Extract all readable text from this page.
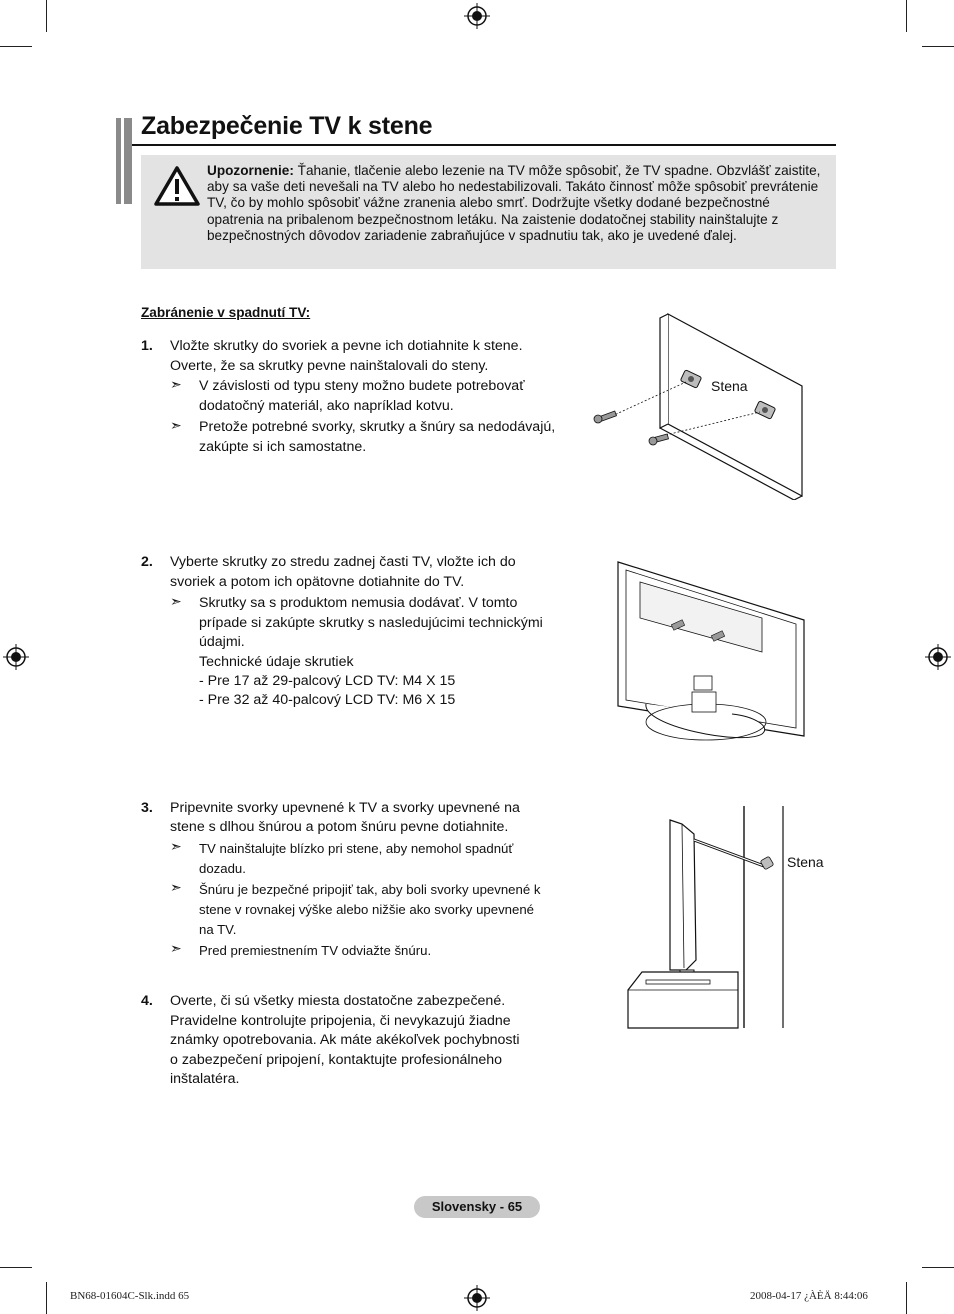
Zabezpečenie TV k stene
Upozornenie: Ťahanie, tlačenie alebo lezenie na TV môže spôsobiť, že TV spadne. Obzvlášť zaistite, aby sa vaše deti nevešali na TV alebo ho nedestabilizovali. Takáto činnosť môže spôsobiť prevrátenie TV, čo by mohlo spôsobiť vážne zranenia alebo smrť. Dodržujte všetky dodané bezpečnostné opatrenia na pribalenom bezpečnostnom letáku. Na zaistenie dodatočnej stability nainštalujte z bezpečnostných dôvodov zariadenie zabraňujúce v spadnutiu tak, ako je uvedené ďalej.
Zabránenie v spadnutí TV:
1. Vložte skrutky do svoriek a pevne ich dotiahnite k stene.
Overte, že sa skrutky pevne nainštalovali do steny.
➣ V závislosti od typu steny možno budete potrebovať
dodatočný materiál, ako napríklad kotvu.
➣ Pretože potrebné svorky, skrutky a šnúry sa nedodávajú,
zakúpte si ich samostatne.
Stena
2. Vyberte skrutky zo stredu zadnej časti TV, vložte ich do
svoriek a potom ich opätovne dotiahnite do TV.
➣ Skrutky sa s produktom nemusia dodávať. V tomto
prípade si zakúpte skrutky s nasledujúcimi technickými
údajmi.
Technické údaje skrutiek
- Pre 17 až 29-palcový LCD TV: M4 X 15
- Pre 32 až 40-palcový LCD TV: M6 X 15
3. Pripevnite svorky upevnené k TV a svorky upevnené na
stene s dlhou šnúrou a potom šnúru pevne dotiahnite.
➣ TV nainštalujte blízko pri stene, aby nemohol spadnúť
dozadu.
➣ Šnúru je bezpečné pripojiť tak, aby boli svorky upevnené k
stene v rovnakej výške alebo nižšie ako svorky upevnené
na TV.
➣ Pred premiestnením TV odviažte šnúru.
Stena
4. Overte, či sú všetky miesta dostatočne zabezpečené.
Pravidelne kontrolujte pripojenia, či nevykazujú žiadne
známky opotrebovania. Ak máte akékoľvek pochybnosti
o zabezpečení pripojení, kontaktujte profesionálneho
inštalatéra.
Slovensky - 65
BN68-01604C-Slk.indd 65	2008-04-17 ¿ÀÈÄ 8:44:06
